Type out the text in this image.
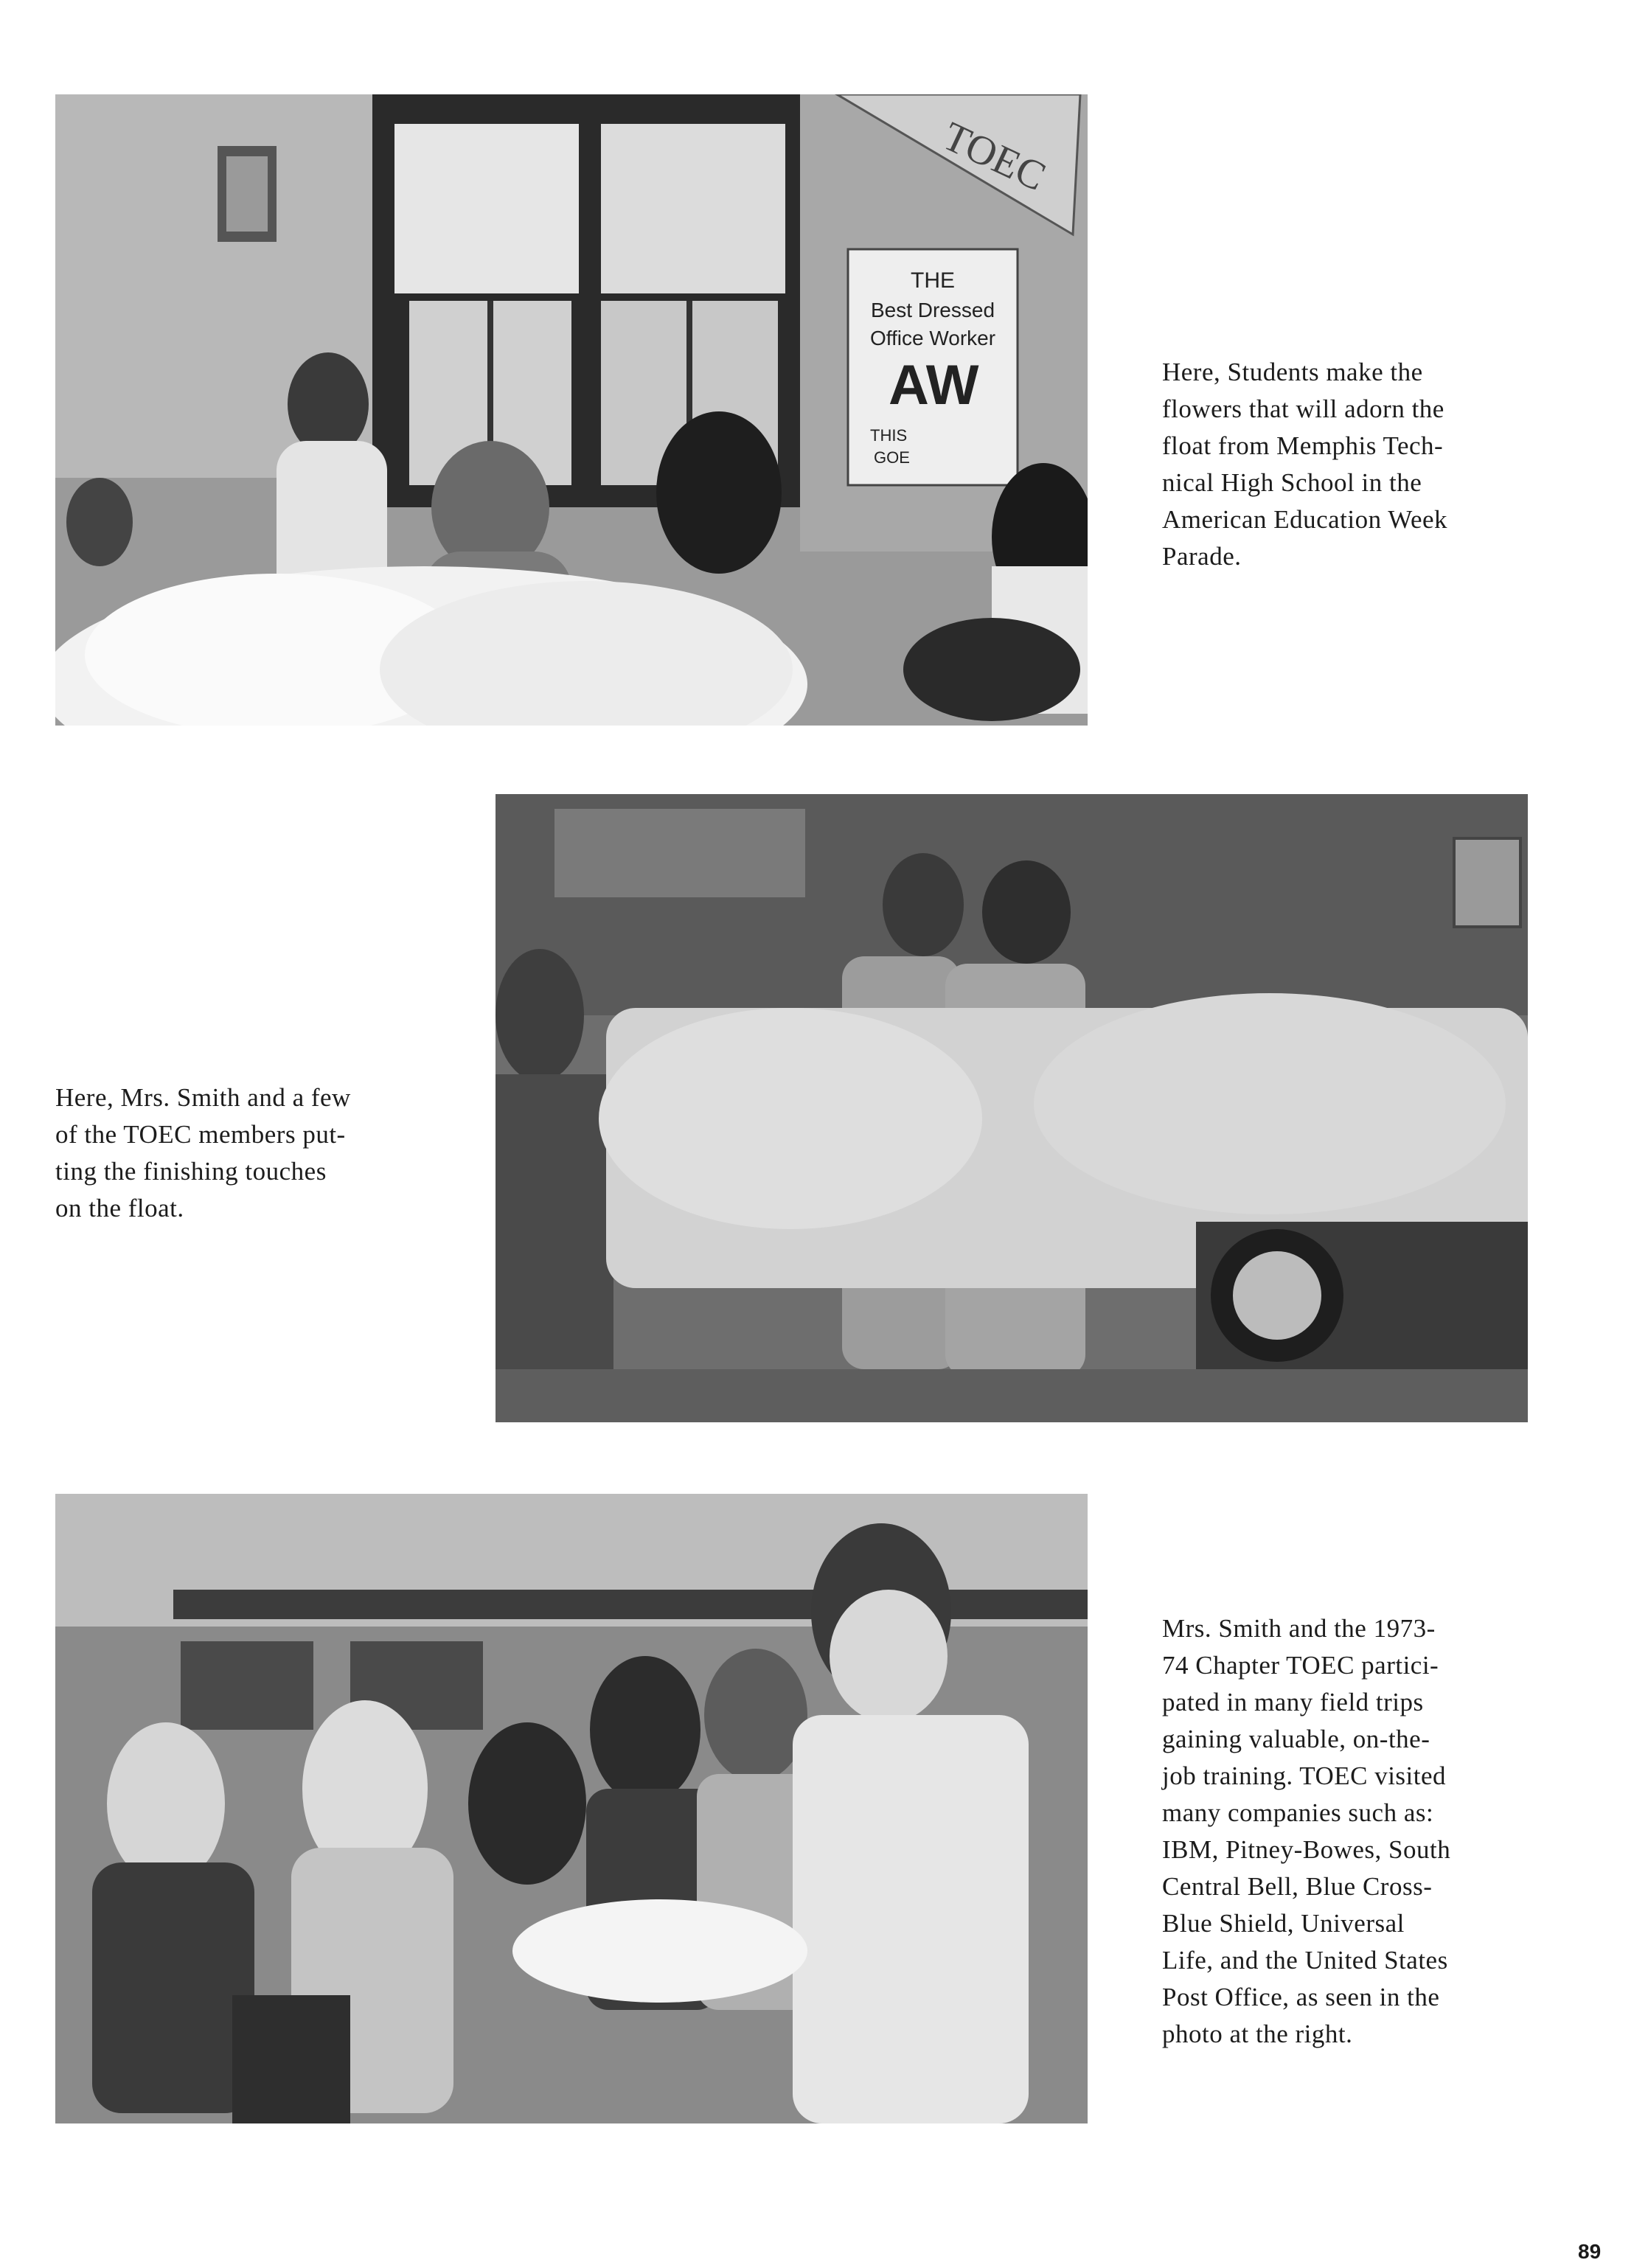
TOEC
THE
Best Dressed
Office Worker
AW
THIS
GOE
Here, Students make the
flowers that will adorn the
float from Memphis Tech-
nical High School in the
American Education Week
Parade.
Here, Mrs. Smith and a few
of the TOEC members put-
ting the finishing touches
on the float.
Mrs. Smith and the 1973-
74 Chapter TOEC partici-
pated in many field trips
gaining valuable, on-the-
job training. TOEC visited
many companies such as:
IBM, Pitney-Bowes, South
Central Bell, Blue Cross-
Blue Shield, Universal
Life, and the United States
Post Office, as seen in the
photo at the right.
89
